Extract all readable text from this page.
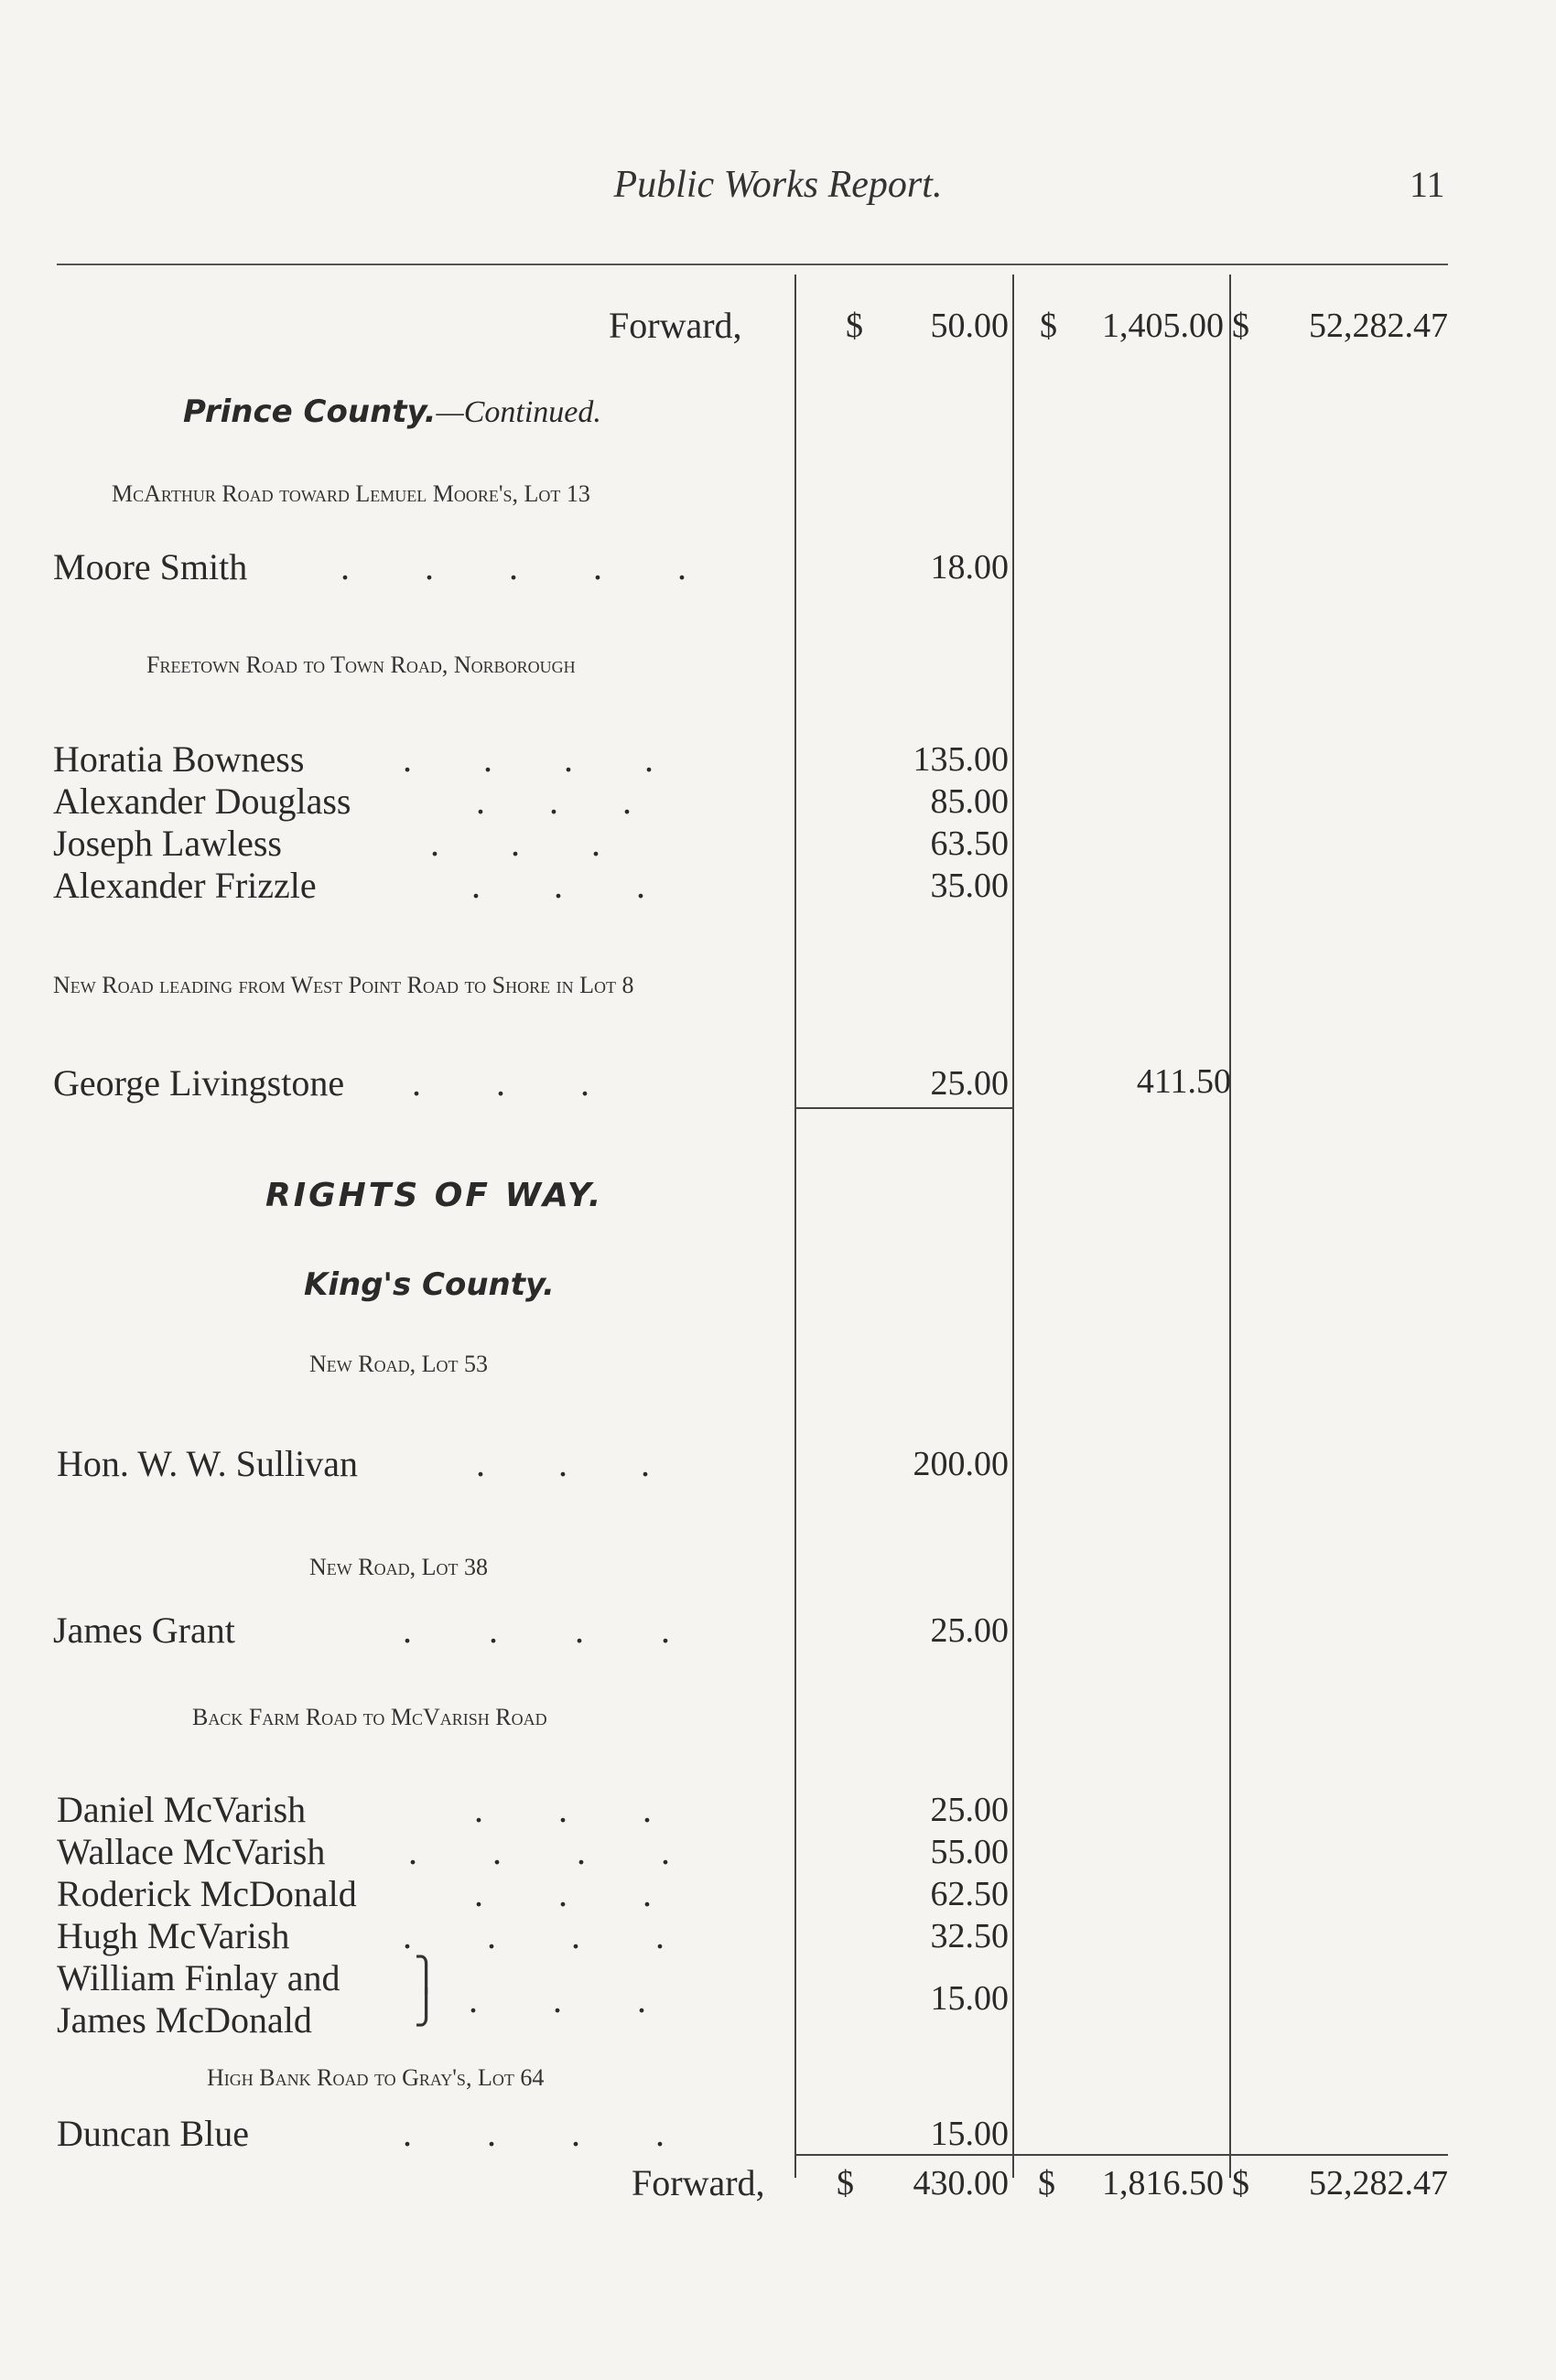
Public Works Report.	11
Forward,	$	50.00 $	1,405.00 $	52,282.47
Prince County.—Continued.
McArthur Road toward Lemuel Moore's, Lot 13
Moore Smith	. . . . .	18.00
Freetown Road to Town Road, Norborough
Horatia Bowness	. . . .	135.00
Alexander Douglass	. . .	85.00
Joseph Lawless	. . .	63.50
Alexander Frizzle	. . .	35.00
New Road leading from West Point Road to Shore in Lot 8
George Livingstone . . .	25.00	411.50
RIGHTS OF WAY.
King's County.
New Road, Lot 53
Hon. W. W. Sullivan	. . .	200.00
New Road, Lot 38
James Grant	. . . .	25.00
Back Farm Road to McVarish Road
Daniel McVarish	. . .	25.00
Wallace McVarish . . . .	55.00
Roderick McDonald	. . .	62.50
Hugh McVarish	. . . .	32.50
William Finlay and
James McDonald
⎫
⎭ . . .	15.00
High Bank Road to Gray's, Lot 64
Duncan Blue	. . . .	15.00
Forward, $	430.00 $	1,816.50 $	52,282.47
